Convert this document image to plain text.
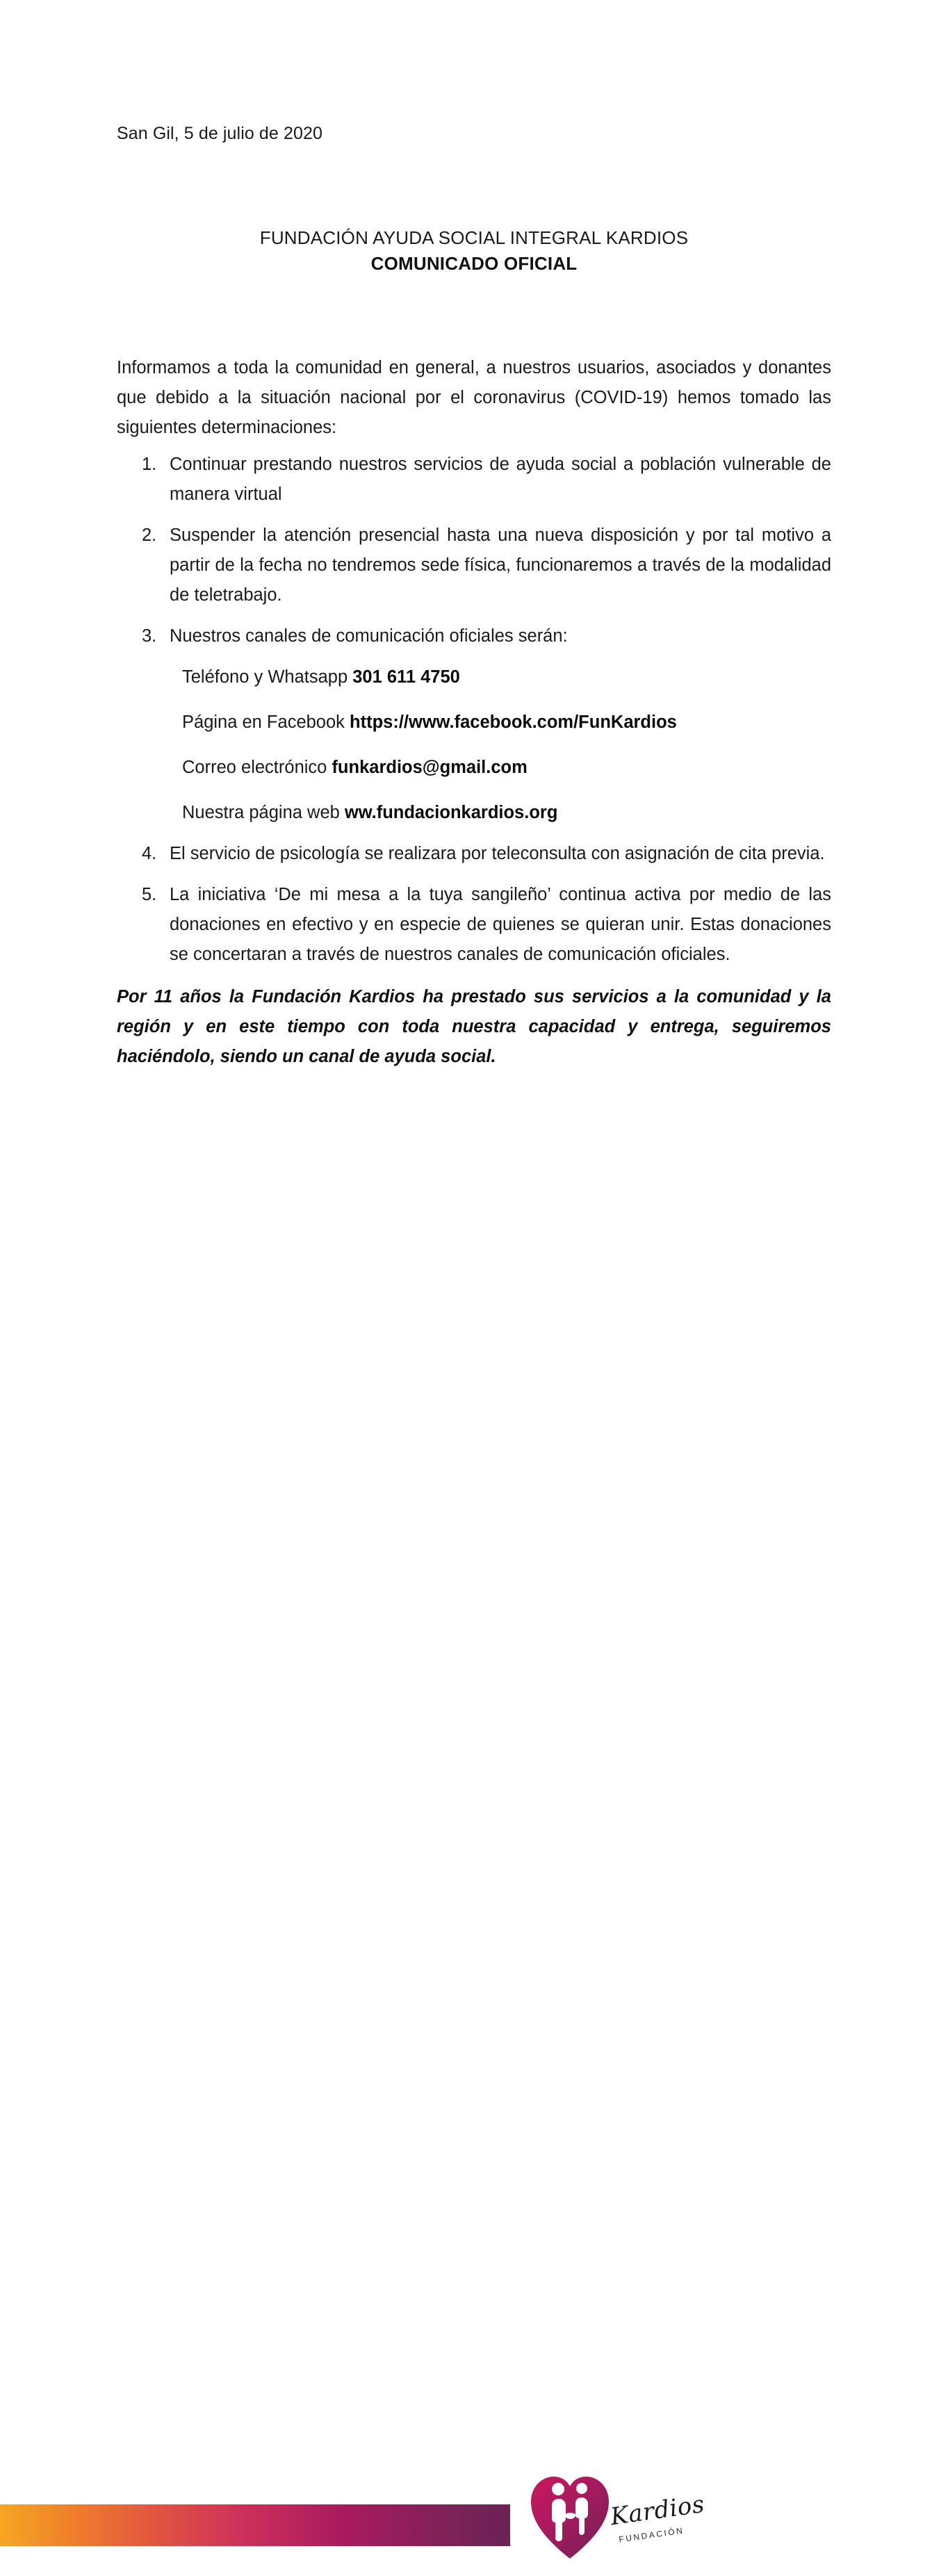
San Gil, 5 de julio de 2020
FUNDACIÓN AYUDA SOCIAL INTEGRAL KARDIOS
COMUNICADO OFICIAL

Informamos a toda la comunidad en general, a nuestros usuarios, asociados y donantes que debido a la situación nacional por el coronavirus (COVID-19) hemos tomado las siguientes determinaciones:

1. Continuar prestando nuestros servicios de ayuda social a población vulnerable de manera virtual
2. Suspender la atención presencial hasta una nueva disposición y por tal motivo a partir de la fecha no tendremos sede física, funcionaremos a través de la modalidad de teletrabajo.
3. Nuestros canales de comunicación oficiales serán:
Teléfono y Whatsapp 301 611 4750
Página en Facebook https://www.facebook.com/FunKardios
Correo electrónico funkardios@gmail.com
Nuestra página web ww.fundacionkardios.org
4. El servicio de psicología se realizara por teleconsulta con asignación de cita previa.
5. La iniciativa ‘De mi mesa a la tuya sangileño’ continua activa por medio de las donaciones en efectivo y en especie de quienes se quieran unir. Estas donaciones se concertaran a través de nuestros canales de comunicación oficiales.

Por 11 años la Fundación Kardios ha prestado sus servicios a la comunidad y la región y en este tiempo con toda nuestra capacidad y entrega, seguiremos haciéndolo, siendo un canal de ayuda social.

Kardios
FUNDACIÓN
